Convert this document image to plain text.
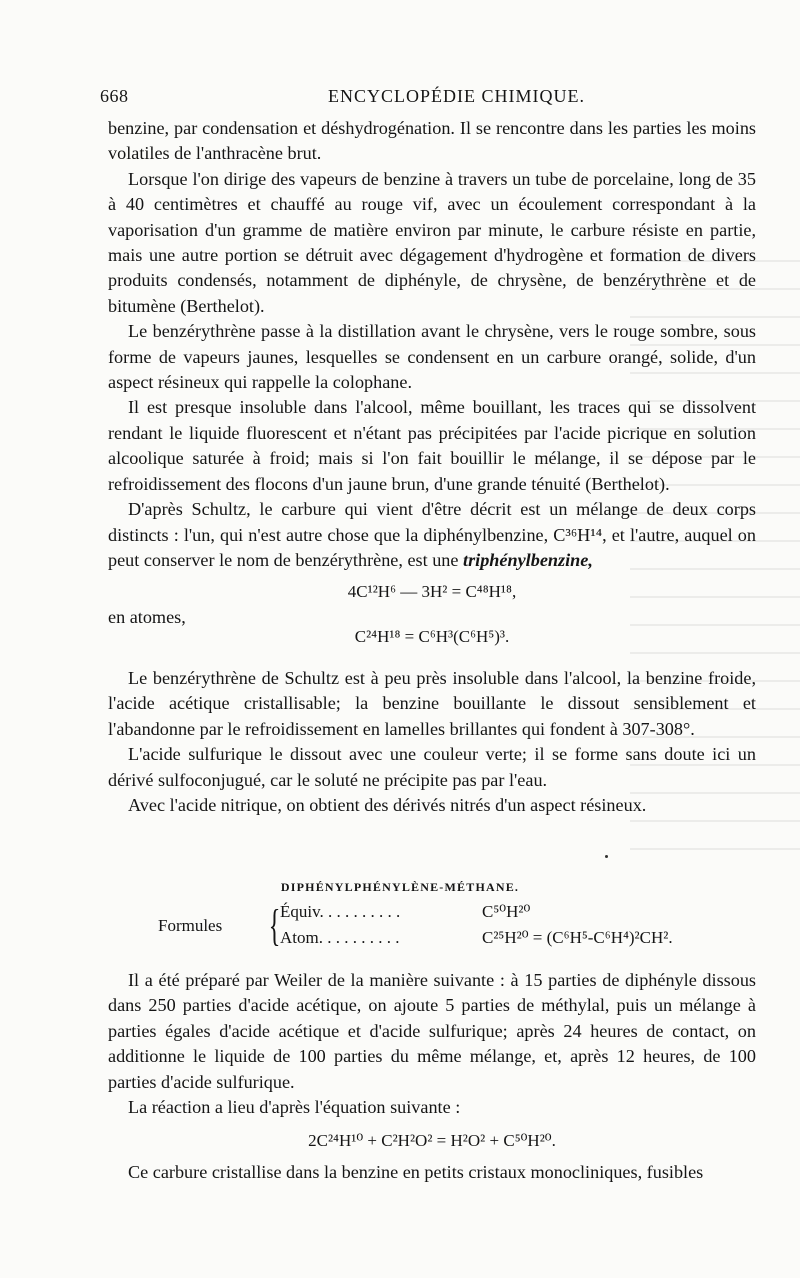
668	ENCYCLOPÉDIE CHIMIQUE.

benzine, par condensation et déshydrogénation. Il se rencontre dans les parties les moins volatiles de l'anthracène brut.

Lorsque l'on dirige des vapeurs de benzine à travers un tube de porcelaine, long de 35 à 40 centimètres et chauffé au rouge vif, avec un écoulement correspondant à la vaporisation d'un gramme de matière environ par minute, le carbure résiste en partie, mais une autre portion se détruit avec dégagement d'hydrogène et formation de divers produits condensés, notamment de diphényle, de chrysène, de benzérythrène et de bitumène (Berthelot).

Le benzérythrène passe à la distillation avant le chrysène, vers le rouge sombre, sous forme de vapeurs jaunes, lesquelles se condensent en un carbure orangé, solide, d'un aspect résineux qui rappelle la colophane.

Il est presque insoluble dans l'alcool, même bouillant, les traces qui se dissolvent rendant le liquide fluorescent et n'étant pas précipitées par l'acide picrique en solution alcoolique saturée à froid; mais si l'on fait bouillir le mélange, il se dépose par le refroidissement des flocons d'un jaune brun, d'une grande ténuité (Berthelot).

D'après Schultz, le carbure qui vient d'être décrit est un mélange de deux corps distincts : l'un, qui n'est autre chose que la diphénylbenzine, C³⁶H¹⁴, et l'autre, auquel on peut conserver le nom de benzérythrène, est une triphénylbenzine,

4C¹²H⁶ — 3H² = C⁴⁸H¹⁸,

en atomes,

C²⁴H¹⁸ = C⁶H³(C⁶H⁵)³.

Le benzérythrène de Schultz est à peu près insoluble dans l'alcool, la benzine froide, l'acide acétique cristallisable; la benzine bouillante le dissout sensiblement et l'abandonne par le refroidissement en lamelles brillantes qui fondent à 307-308°.

L'acide sulfurique le dissout avec une couleur verte; il se forme sans doute ici un dérivé sulfoconjugué, car le soluté ne précipite pas par l'eau.

Avec l'acide nitrique, on obtient des dérivés nitrés d'un aspect résineux.

DIPHÉNYLPHÉNYLÈNE-MÉTHANE.
Formules { Équiv. . . . . . . . . .	C⁵⁰H²⁰
Atom. . . . . . . . . .	C²⁵H²⁰ = (C⁶H⁵-C⁶H⁴)²CH².

Il a été préparé par Weiler de la manière suivante : à 15 parties de diphényle dissous dans 250 parties d'acide acétique, on ajoute 5 parties de méthylal, puis un mélange à parties égales d'acide acétique et d'acide sulfurique; après 24 heures de contact, on additionne le liquide de 100 parties du même mélange, et, après 12 heures, de 100 parties d'acide sulfurique.

La réaction a lieu d'après l'équation suivante :

2C²⁴H¹⁰ + C²H²O² = H²O² + C⁵⁰H²⁰.

Ce carbure cristallise dans la benzine en petits cristaux monocliniques, fusibles
